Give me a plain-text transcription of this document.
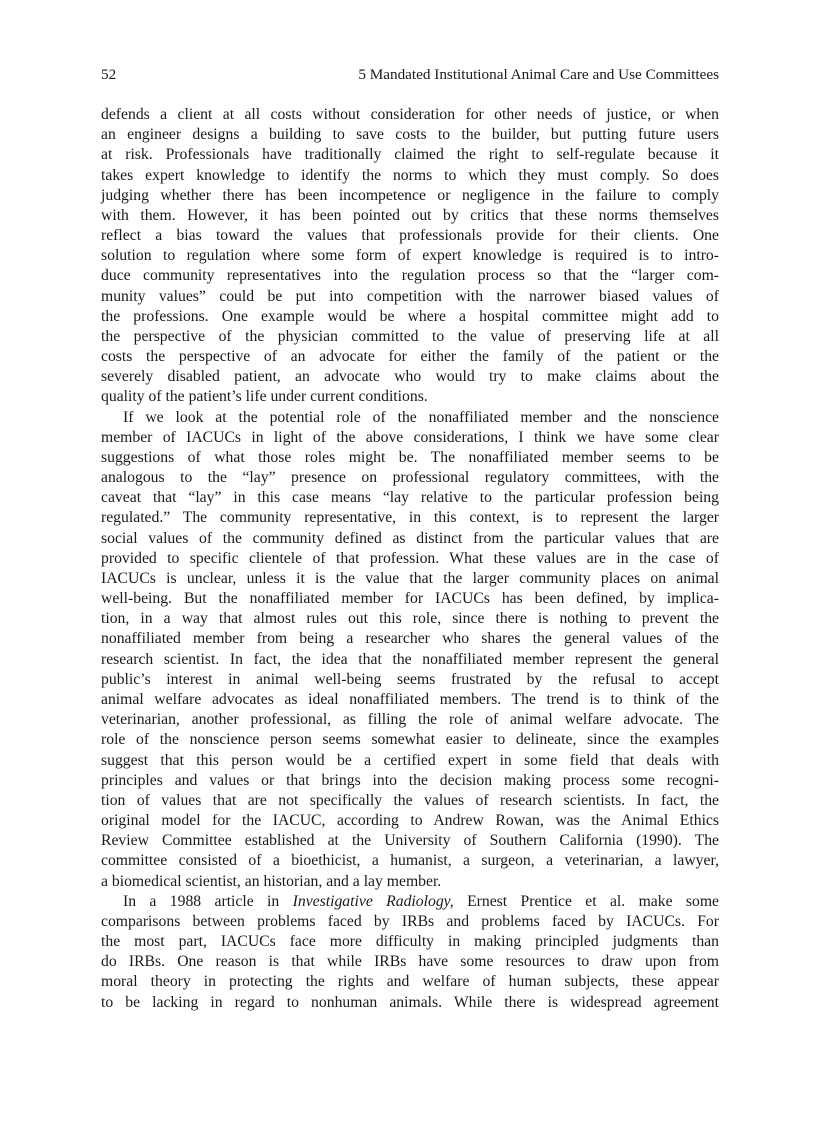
52	5 Mandated Institutional Animal Care and Use Committees
defends a client at all costs without consideration for other needs of justice, or when
an engineer designs a building to save costs to the builder, but putting future users
at risk. Professionals have traditionally claimed the right to self-regulate because it
takes expert knowledge to identify the norms to which they must comply. So does
judging whether there has been incompetence or negligence in the failure to comply
with them. However, it has been pointed out by critics that these norms themselves
reflect a bias toward the values that professionals provide for their clients. One
solution to regulation where some form of expert knowledge is required is to intro-
duce community representatives into the regulation process so that the “larger com-
munity values” could be put into competition with the narrower biased values of
the professions. One example would be where a hospital committee might add to
the perspective of the physician committed to the value of preserving life at all
costs the perspective of an advocate for either the family of the patient or the
severely disabled patient, an advocate who would try to make claims about the
quality of the patient’s life under current conditions.
If we look at the potential role of the nonaffiliated member and the nonscience
member of IACUCs in light of the above considerations, I think we have some clear
suggestions of what those roles might be. The nonaffiliated member seems to be
analogous to the “lay” presence on professional regulatory committees, with the
caveat that “lay” in this case means “lay relative to the particular profession being
regulated.” The community representative, in this context, is to represent the larger
social values of the community defined as distinct from the particular values that are
provided to specific clientele of that profession. What these values are in the case of
IACUCs is unclear, unless it is the value that the larger community places on animal
well-being. But the nonaffiliated member for IACUCs has been defined, by implica-
tion, in a way that almost rules out this role, since there is nothing to prevent the
nonaffiliated member from being a researcher who shares the general values of the
research scientist. In fact, the idea that the nonaffiliated member represent the general
public’s interest in animal well-being seems frustrated by the refusal to accept
animal welfare advocates as ideal nonaffiliated members. The trend is to think of the
veterinarian, another professional, as filling the role of animal welfare advocate. The
role of the nonscience person seems somewhat easier to delineate, since the examples
suggest that this person would be a certified expert in some field that deals with
principles and values or that brings into the decision making process some recogni-
tion of values that are not specifically the values of research scientists. In fact, the
original model for the IACUC, according to Andrew Rowan, was the Animal Ethics
Review Committee established at the University of Southern California (1990). The
committee consisted of a bioethicist, a humanist, a surgeon, a veterinarian, a lawyer,
a biomedical scientist, an historian, and a lay member.
In a 1988 article in Investigative Radiology, Ernest Prentice et al. make some
comparisons between problems faced by IRBs and problems faced by IACUCs. For
the most part, IACUCs face more difficulty in making principled judgments than
do IRBs. One reason is that while IRBs have some resources to draw upon from
moral theory in protecting the rights and welfare of human subjects, these appear
to be lacking in regard to nonhuman animals. While there is widespread agreement
